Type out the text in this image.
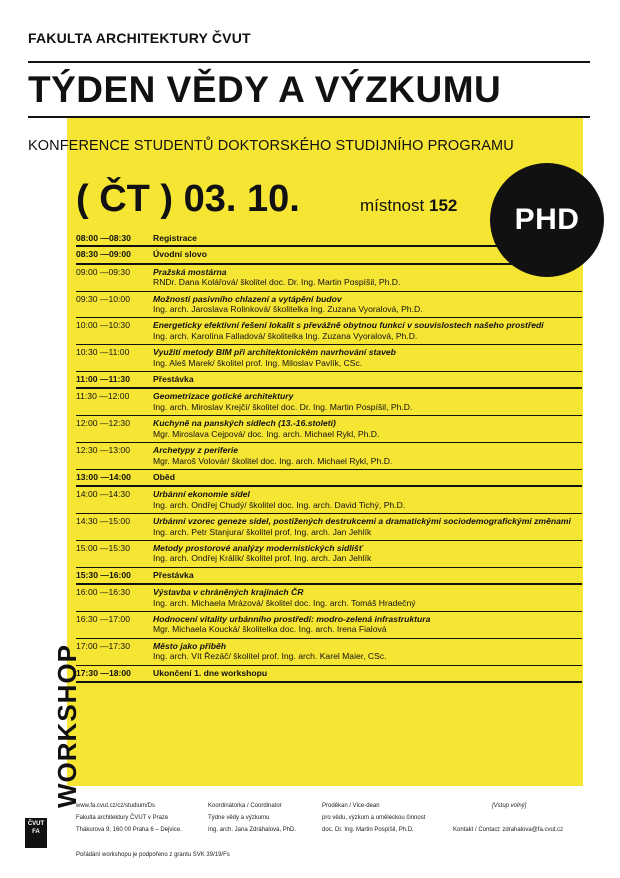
FAKULTA ARCHITEKTURY ČVUT
TÝDEN VĚDY A VÝZKUMU
KONFERENCE STUDENTŮ DOKTORSKÉHO STUDIJNÍHO PROGRAMU
( ČT ) 03. 10.	místnost 152	PHD
08:00 —08:30	Registrace
08:30 —09:00	Úvodní slovo
09:00 —09:30	Pražská mostárna
RNDr. Dana Kolářová/ školitel doc. Dr. Ing. Martin Pospíšil, Ph.D.
09:30 —10:00	Možnosti pasivního chlazení a vytápění budov
Ing. arch. Jaroslava Rolinková/ školitelka Ing. Zuzana Vyoralová, Ph.D.
10:00 —10:30	Energeticky efektivní řešení lokalit s převážně obytnou funkcí v souvislostech našeho prostředí
Ing. arch. Karolína Falladová/ školitelka Ing. Zuzana Vyoralová, Ph.D.
10:30 —11:00	Využití metody BIM při architektonickém navrhování staveb
Ing. Aleš Marek/ školitel prof. Ing. Miloslav Pavlík, CSc.
11:00 —11:30	Přestávka
11:30 —12:00	Geometrizace gotické architektury
Ing. arch. Miroslav Krejčí/ školitel doc. Dr. Ing. Martin Pospíšil, Ph.D.
12:00 —12:30	Kuchyně na panských sídlech (13.-16.století)
Mgr. Miroslava Cejpová/ doc. Ing. arch. Michael Rykl, Ph.D.
12:30 —13:00	Archetypy z periferie
Mgr. Maroš Volovár/ školitel doc. Ing. arch. Michael Rykl, Ph.D.
13:00 —14:00	Oběd
14:00 —14:30	Urbánní ekonomie sídel
Ing. arch. Ondřej Chudý/ školitel doc. Ing. arch. David Tichý, Ph.D.
14:30 —15:00	Urbánní vzorec geneze sídel, postižených destrukcemi a dramatickými sociodemografickými změnami
Ing. arch. Petr Stanjura/ školitel prof. Ing. arch. Jan Jehlík
15:00 —15:30	Metody prostorové analýzy modernistických sidlišť
Ing. arch. Ondřej Králík/ školitel prof. Ing. arch. Jan Jehlík
15:30 —16:00	Přestávka
16:00 —16:30	Výstavba v chráněných krajinách ČR
Ing. arch. Michaela Mrázová/ školitel doc. Ing. arch. Tomáš Hradečný
16:30 —17:00	Hodnocení vitality urbánního prostředí: modro-zelená infrastruktura
Mgr. Michaela Koucká/ školitelka doc. Ing. arch. Irena Fialová
17:00 —17:30	Město jako příběh
Ing. arch. Vít Řezáč/ školitel prof. Ing. arch. Karel Maier, CSc.
17:30 —18:00	Ukončení 1. dne workshopu
WORKSHOP
ČVUT
FA
www.fa.cvut.cz/cz/studium/Ds
Fakulta architektury ČVUT v Praze
Thákurova 9, 160 00 Praha 6 – Dejvice.
Pořádání workshopu je podpořeno z grantu SVK 39/19/Fs
Koordinátorka / Coordinator
Týdne vědy a výzkumu
Ing. arch. Jana Zdráhalová, PhD.
Proděkan / Vice-dean
pro vědu, výzkum a uměleckou činnost
doc. Dr. Ing. Martin Pospíšil, Ph.D.
[Vstup volný]
Kontakt / Contact: zdrahalova@fa.cvut.cz
